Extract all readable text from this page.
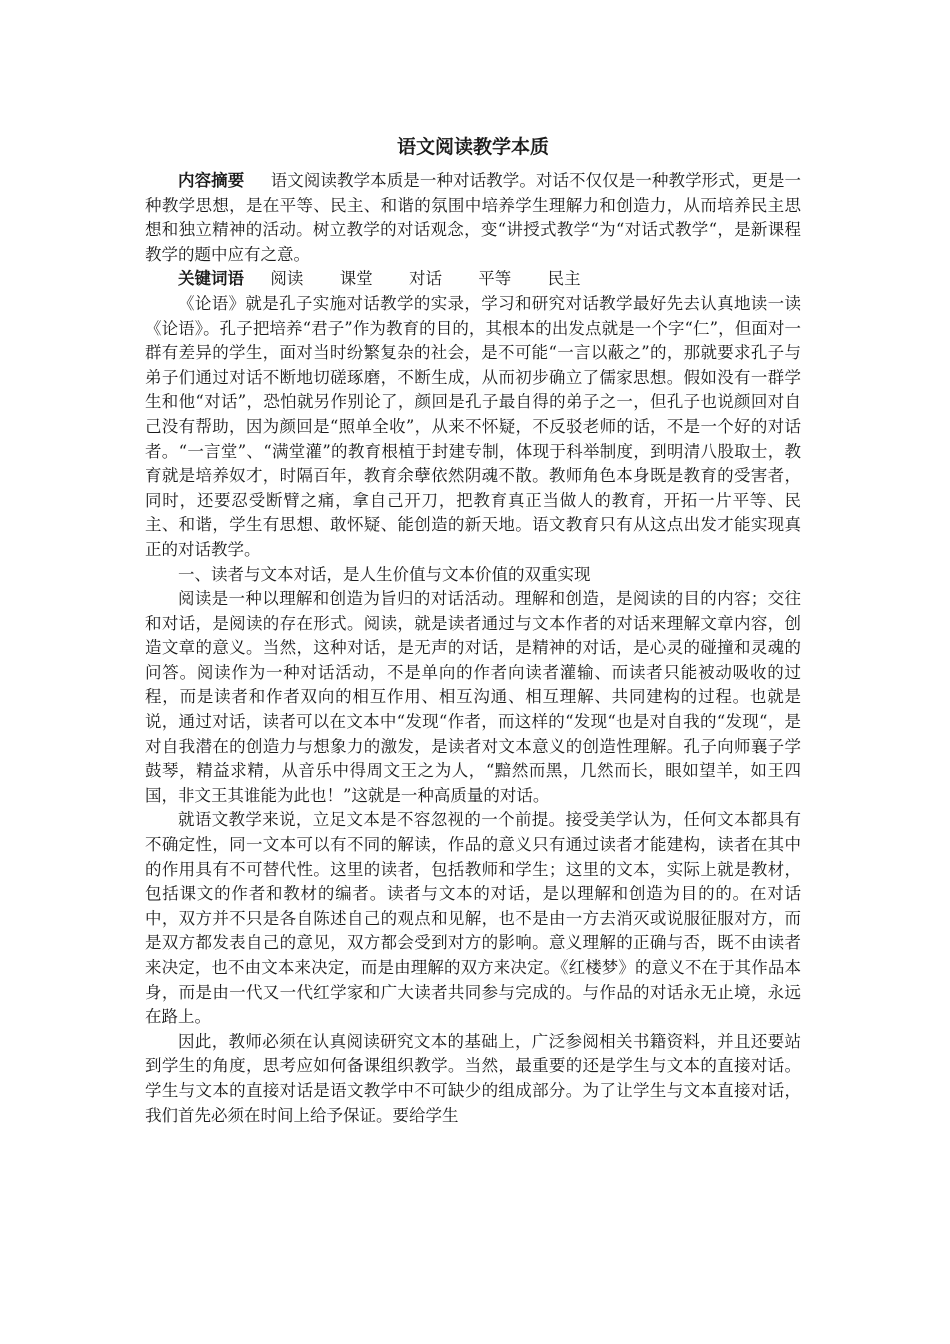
语文阅读教学本质

内容摘要 语文阅读教学本质是一种对话教学。对话不仅仅是一种教学形式，更是一种教学思想，是在平等、民主、和谐的氛围中培养学生理解力和创造力，从而培养民主思想和独立精神的活动。树立教学的对话观念，变“讲授式教学“为“对话式教学“，是新课程教学的题中应有之意。

关键词语 阅读 课堂 对话 平等 民主

《论语》就是孔子实施对话教学的实录，学习和研究对话教学最好先去认真地读一读《论语》。孔子把培养“君子”作为教育的目的，其根本的出发点就是一个字“仁”，但面对一群有差异的学生，面对当时纷繁复杂的社会，是不可能“一言以蔽之”的，那就要求孔子与弟子们通过对话不断地切磋琢磨，不断生成，从而初步确立了儒家思想。假如没有一群学生和他“对话”，恐怕就另作别论了，颜回是孔子最自得的弟子之一，但孔子也说颜回对自己没有帮助，因为颜回是“照单全收”，从来不怀疑，不反驳老师的话，不是一个好的对话者。“一言堂”、“满堂灌”的教育根植于封建专制，体现于科举制度，到明清八股取士，教育就是培养奴才，时隔百年，教育余孽依然阴魂不散。教师角色本身既是教育的受害者，同时，还要忍受断臂之痛，拿自己开刀，把教育真正当做人的教育，开拓一片平等、民主、和谐，学生有思想、敢怀疑、能创造的新天地。语文教育只有从这点出发才能实现真正的对话教学。

一、读者与文本对话，是人生价值与文本价值的双重实现

阅读是一种以理解和创造为旨归的对话活动。理解和创造，是阅读的目的内容；交往和对话，是阅读的存在形式。阅读，就是读者通过与文本作者的对话来理解文章内容，创造文章的意义。当然，这种对话，是无声的对话，是精神的对话，是心灵的碰撞和灵魂的问答。阅读作为一种对话活动，不是单向的作者向读者灌输、而读者只能被动吸收的过程，而是读者和作者双向的相互作用、相互沟通、相互理解、共同建构的过程。也就是说，通过对话，读者可以在文本中“发现“作者，而这样的“发现“也是对自我的“发现“，是对自我潜在的创造力与想象力的激发，是读者对文本意义的创造性理解。孔子向师襄子学鼓琴，精益求精，从音乐中得周文王之为人，“黯然而黑，几然而长，眼如望羊，如王四国，非文王其谁能为此也！”这就是一种高质量的对话。

就语文教学来说，立足文本是不容忽视的一个前提。接受美学认为，任何文本都具有不确定性，同一文本可以有不同的解读，作品的意义只有通过读者才能建构，读者在其中的作用具有不可替代性。这里的读者，包括教师和学生；这里的文本，实际上就是教材，包括课文的作者和教材的编者。读者与文本的对话，是以理解和创造为目的的。在对话中，双方并不只是各自陈述自己的观点和见解，也不是由一方去消灭或说服征服对方，而是双方都发表自己的意见，双方都会受到对方的影响。意义理解的正确与否，既不由读者来决定，也不由文本来决定，而是由理解的双方来决定。《红楼梦》的意义不在于其作品本身，而是由一代又一代红学家和广大读者共同参与完成的。与作品的对话永无止境，永远在路上。

因此，教师必须在认真阅读研究文本的基础上，广泛参阅相关书籍资料，并且还要站到学生的角度，思考应如何备课组织教学。当然，最重要的还是学生与文本的直接对话。学生与文本的直接对话是语文教学中不可缺少的组成部分。为了让学生与文本直接对话，我们首先必须在时间上给予保证。要给学生
